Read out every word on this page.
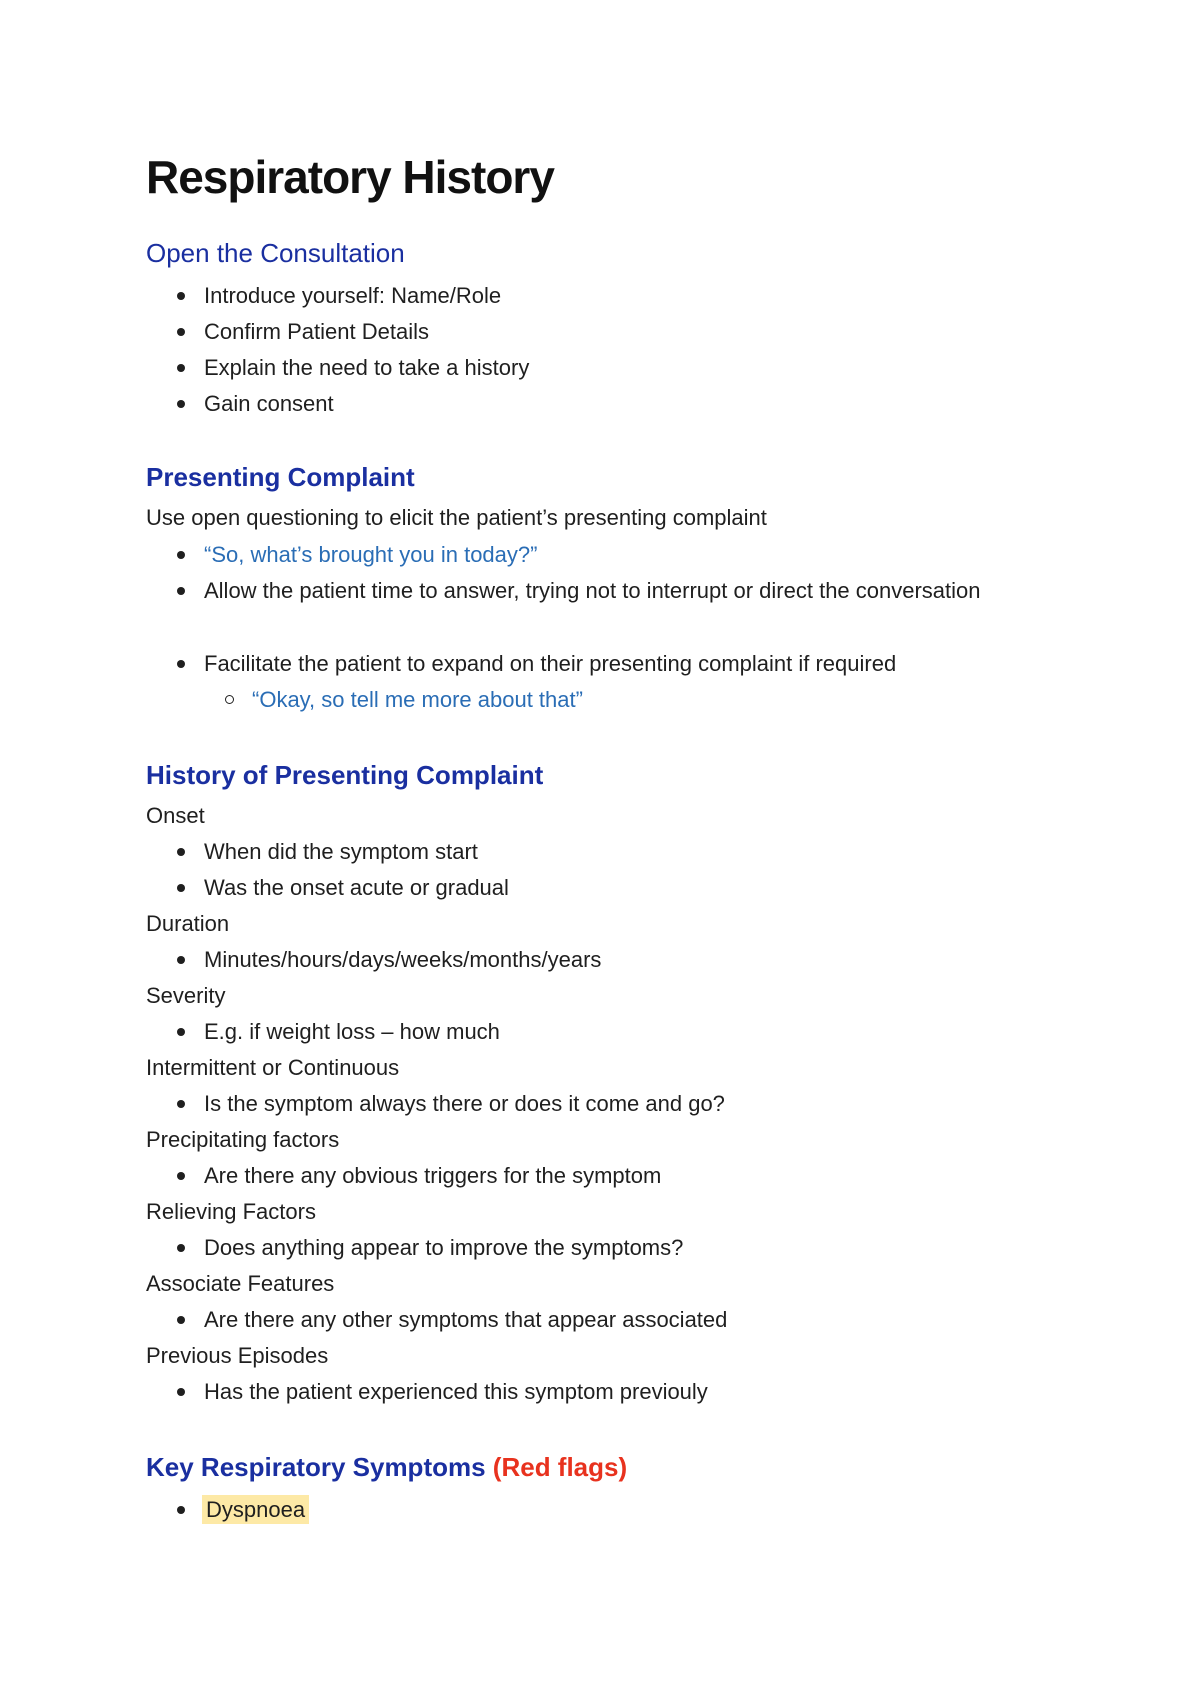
Respiratory History
Open the Consultation

Introduce yourself: Name/Role

Confirm Patient Details

Explain the need to take a history

Gain consent

Presenting Complaint

Use open questioning to elicit the patient’s presenting complaint

“So, what’s brought you in today?”

Allow the patient time to answer, trying not to interrupt or direct the conversation

Facilitate the patient to expand on their presenting complaint if required

“Okay, so tell me more about that”

History of Presenting Complaint

Onset

When did the symptom start

Was the onset acute or gradual

Duration

Minutes/hours/days/weeks/months/years

Severity

E.g. if weight loss – how much

Intermittent or Continuous

Is the symptom always there or does it come and go?

Precipitating factors

Are there any obvious triggers for the symptom

Relieving Factors

Does anything appear to improve the symptoms?

Associate Features

Are there any other symptoms that appear associated

Previous Episodes

Has the patient experienced this symptom previouly

Key Respiratory Symptoms (Red flags)

Dyspnoea
